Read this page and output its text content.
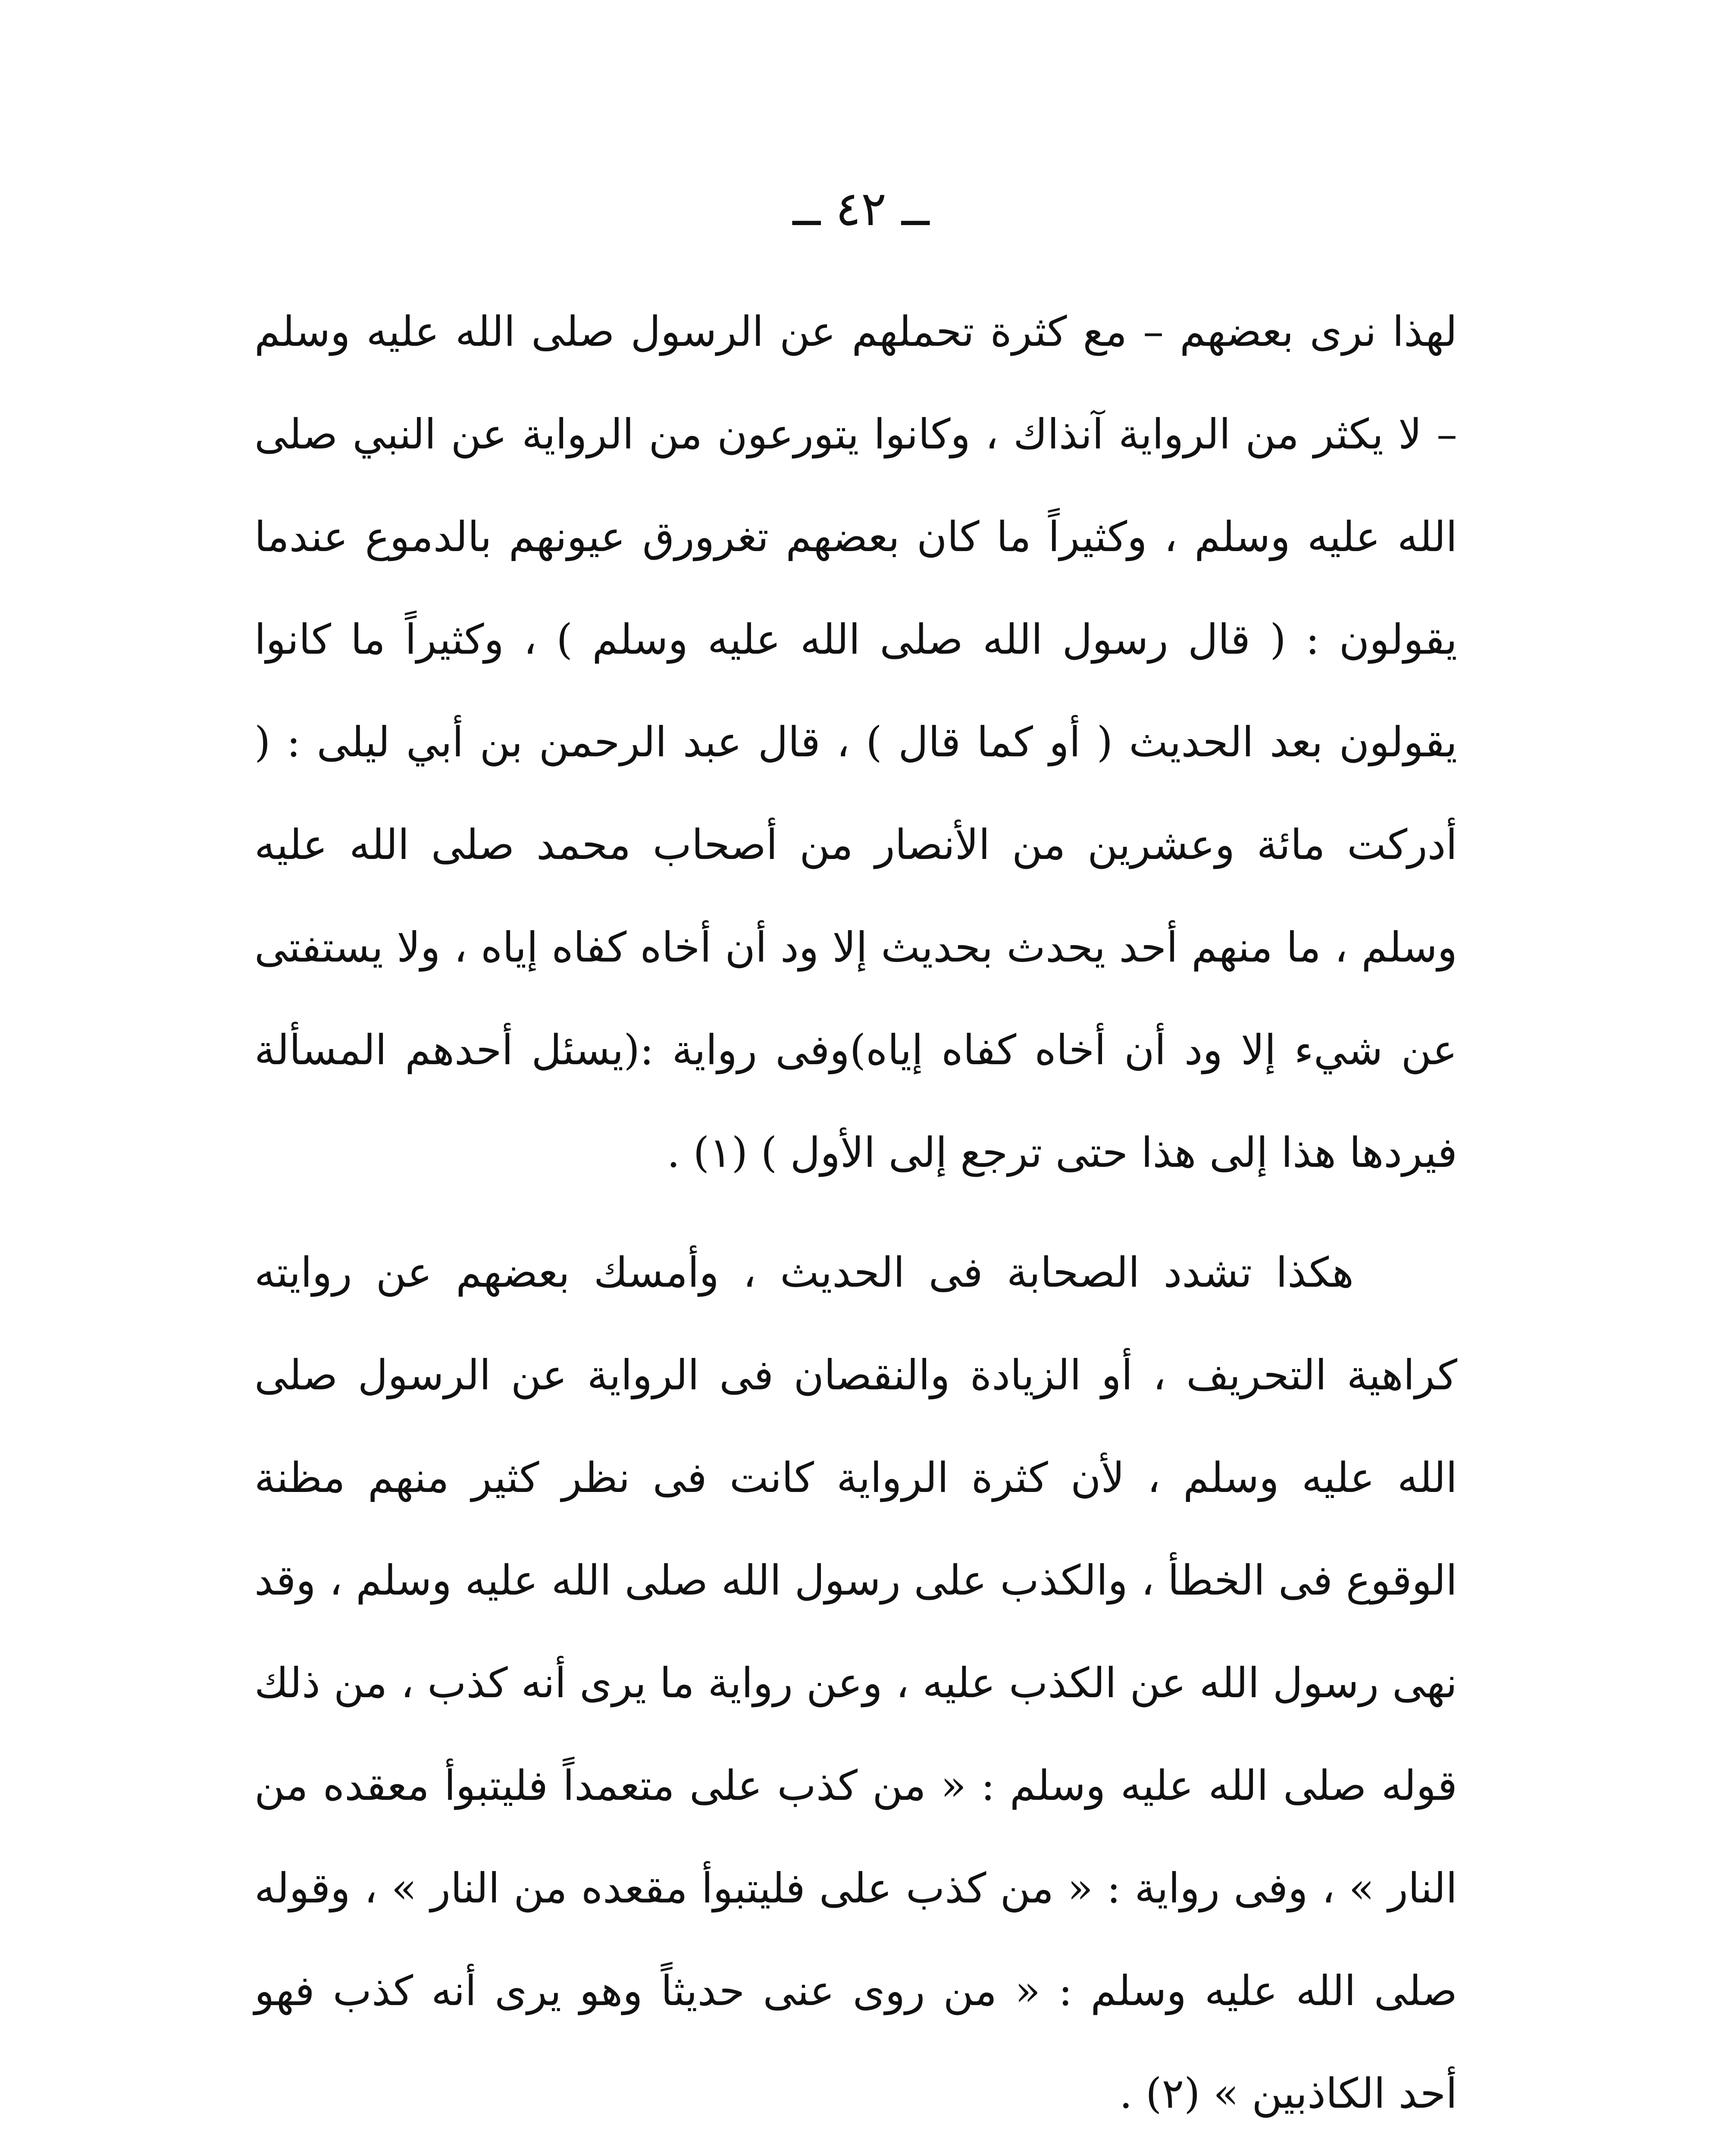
ــ ٤٢ ــ

لهذا نرى بعضهم – مع كثرة تحملهم عن الرسول صلى الله عليه وسلم – لا يكثر من الرواية آنذاك ، وكانوا يتورعون من الرواية عن النبي صلى الله عليه وسلم ، وكثيراً ما كان بعضهم تغرورق عيونهم بالدموع عندما يقولون : ( قال رسول الله صلى الله عليه وسلم ) ، وكثيراً ما كانوا يقولون بعد الحديث ( أو كما قال ) ، قال عبد الرحمن بن أبي ليلى : ( أدركت مائة وعشرين من الأنصار من أصحاب محمد صلى الله عليه وسلم ، ما منهم أحد يحدث بحديث إلا ود أن أخاه كفاه إياه ، ولا يستفتى عن شيء إلا ود أن أخاه كفاه إياه)وفى رواية :(يسئل أحدهم المسألة فيردها هذا إلى هذا حتى ترجع إلى الأول ) (١) .

هكذا تشدد الصحابة فى الحديث ، وأمسك بعضهم عن روايته كراهية التحريف ، أو الزيادة والنقصان فى الرواية عن الرسول صلى الله عليه وسلم ، لأن كثرة الرواية كانت فى نظر كثير منهم مظنة الوقوع فى الخطأ ، والكذب على رسول الله صلى الله عليه وسلم ، وقد نهى رسول الله عن الكذب عليه ، وعن رواية ما يرى أنه كذب ، من ذلك قوله صلى الله عليه وسلم : « من كذب على متعمداً فليتبوأ معقده من النار » ، وفى رواية : « من كذب على فليتبوأ مقعده من النار » ، وقوله صلى الله عليه وسلم : « من روى عنى حديثاً وهو يرى أنه كذب فهو أحد الكاذبين » (٢) .
